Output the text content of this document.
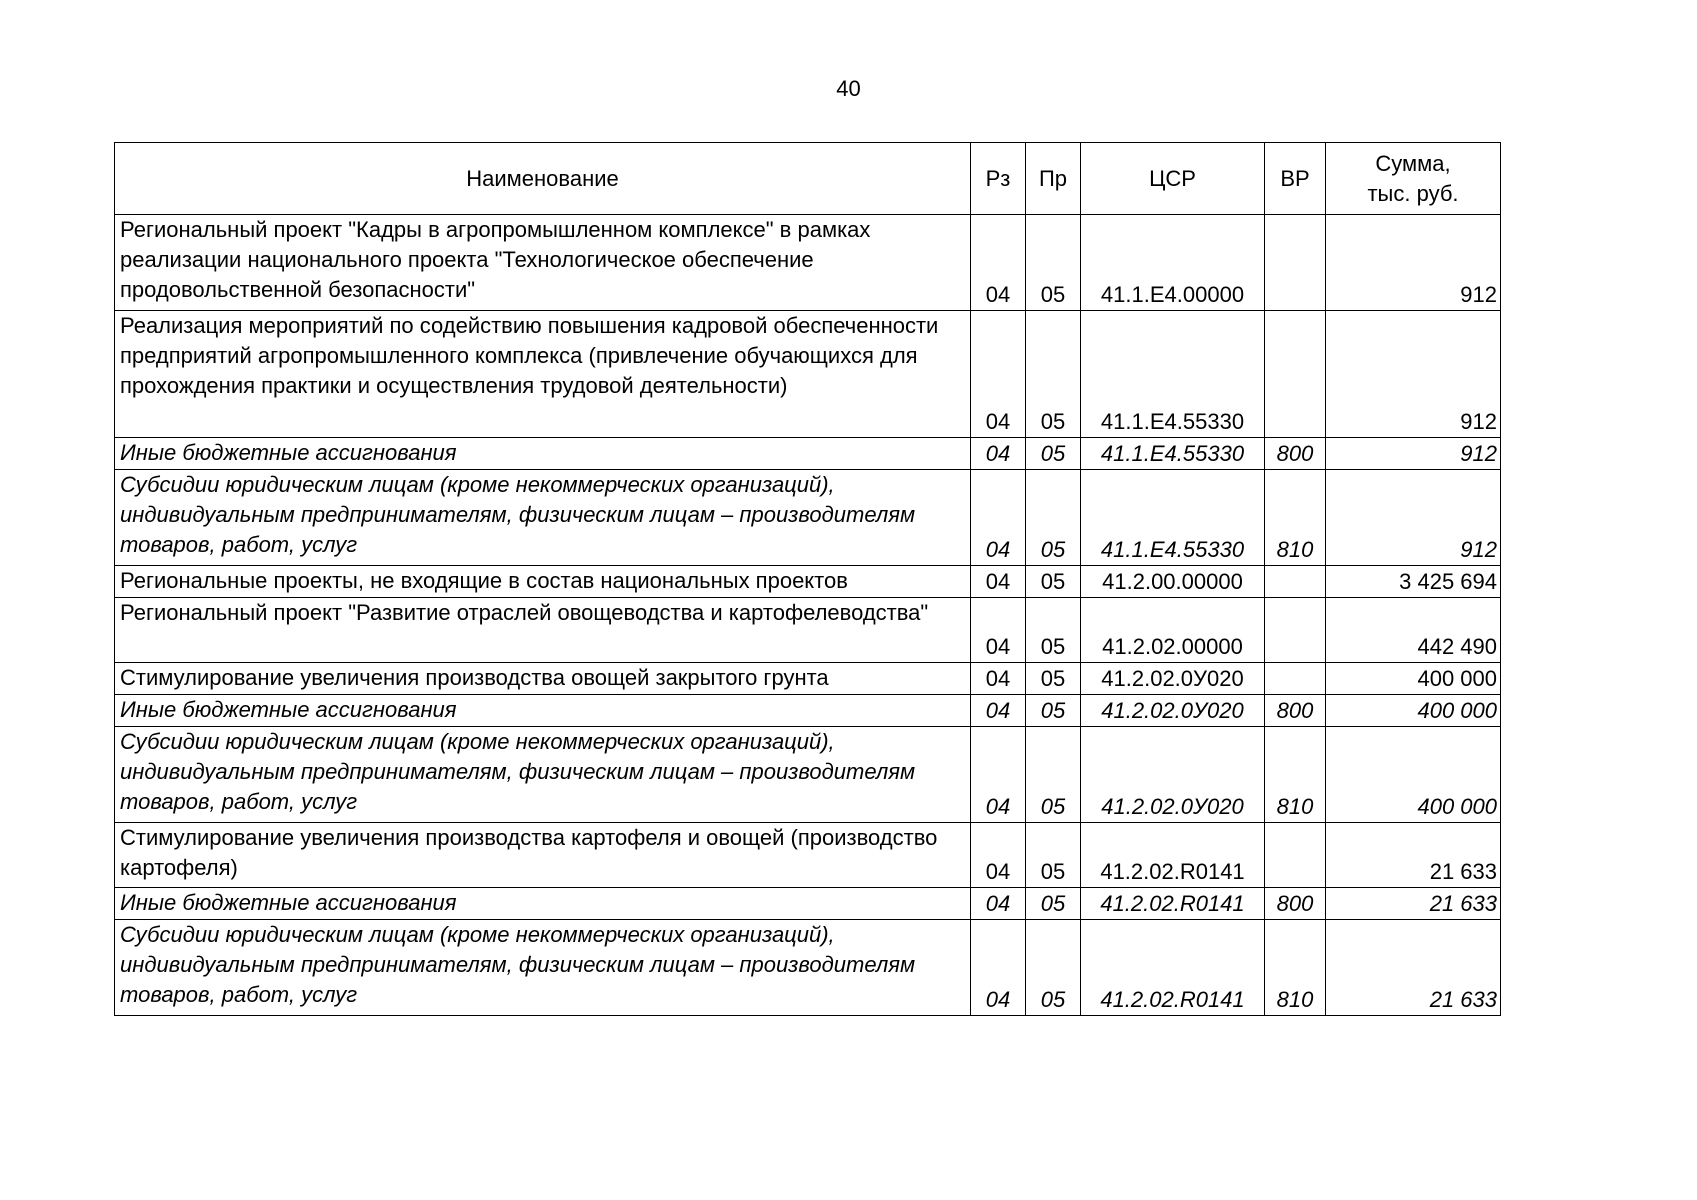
40
Наименование	Рз	Пр	ЦСР	ВР	Сумма,
тыс. руб.
Региональный проект "Кадры в агропромышленном комплексе" в рамках реализации национального проекта "Технологическое обеспечение продовольственной безопасности"	04	05	41.1.Е4.00000		912
Реализация мероприятий по содействию повышения кадровой обеспеченности предприятий агропромышленного комплекса (привлечение обучающихся для прохождения практики и осуществления трудовой деятельности)	04	05	41.1.Е4.55330		912
Иные бюджетные ассигнования	04	05	41.1.Е4.55330	800	912
Субсидии юридическим лицам (кроме некоммерческих организаций), индивидуальным предпринимателям, физическим лицам – производителям товаров, работ, услуг	04	05	41.1.Е4.55330	810	912
Региональные проекты, не входящие в состав национальных проектов	04	05	41.2.00.00000		3 425 694
Региональный проект "Развитие отраслей овощеводства и картофелеводства"	04	05	41.2.02.00000		442 490
Стимулирование увеличения производства овощей закрытого грунта	04	05	41.2.02.0У020		400 000
Иные бюджетные ассигнования	04	05	41.2.02.0У020	800	400 000
Субсидии юридическим лицам (кроме некоммерческих организаций), индивидуальным предпринимателям, физическим лицам – производителям товаров, работ, услуг	04	05	41.2.02.0У020	810	400 000
Стимулирование увеличения производства картофеля и овощей (производство картофеля)	04	05	41.2.02.R0141		21 633
Иные бюджетные ассигнования	04	05	41.2.02.R0141	800	21 633
Субсидии юридическим лицам (кроме некоммерческих организаций), индивидуальным предпринимателям, физическим лицам – производителям товаров, работ, услуг	04	05	41.2.02.R0141	810	21 633
